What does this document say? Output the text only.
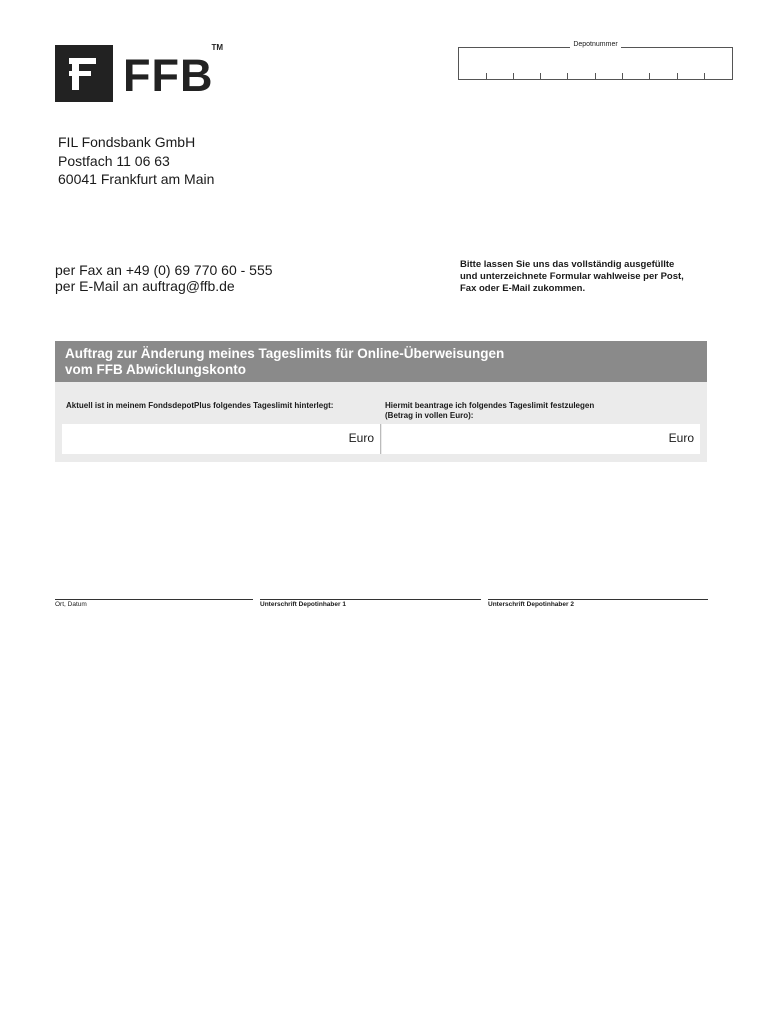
FFB
TM	Depotnummer
FIL Fondsbank GmbH
Postfach 11 06 63
60041 Frankfurt am Main
per Fax an +49 (0) 69 770 60 - 555
per E-Mail an auftrag@ffb.de
Bitte lassen Sie uns das vollständig ausgefüllte
und unterzeichnete Formular wahlweise per Post,
Fax oder E-Mail zukommen.
Auftrag zur Änderung meines Tageslimits für Online-Überweisungen
vom FFB Abwicklungskonto
Aktuell ist in meinem FondsdepotPlus folgendes Tageslimit hinterlegt:	Hiermit beantrage ich folgendes Tageslimit festzulegen
(Betrag in vollen Euro):
Euro	Euro
Ort, Datum	Unterschrift Depotinhaber 1	Unterschrift Depotinhaber 2
